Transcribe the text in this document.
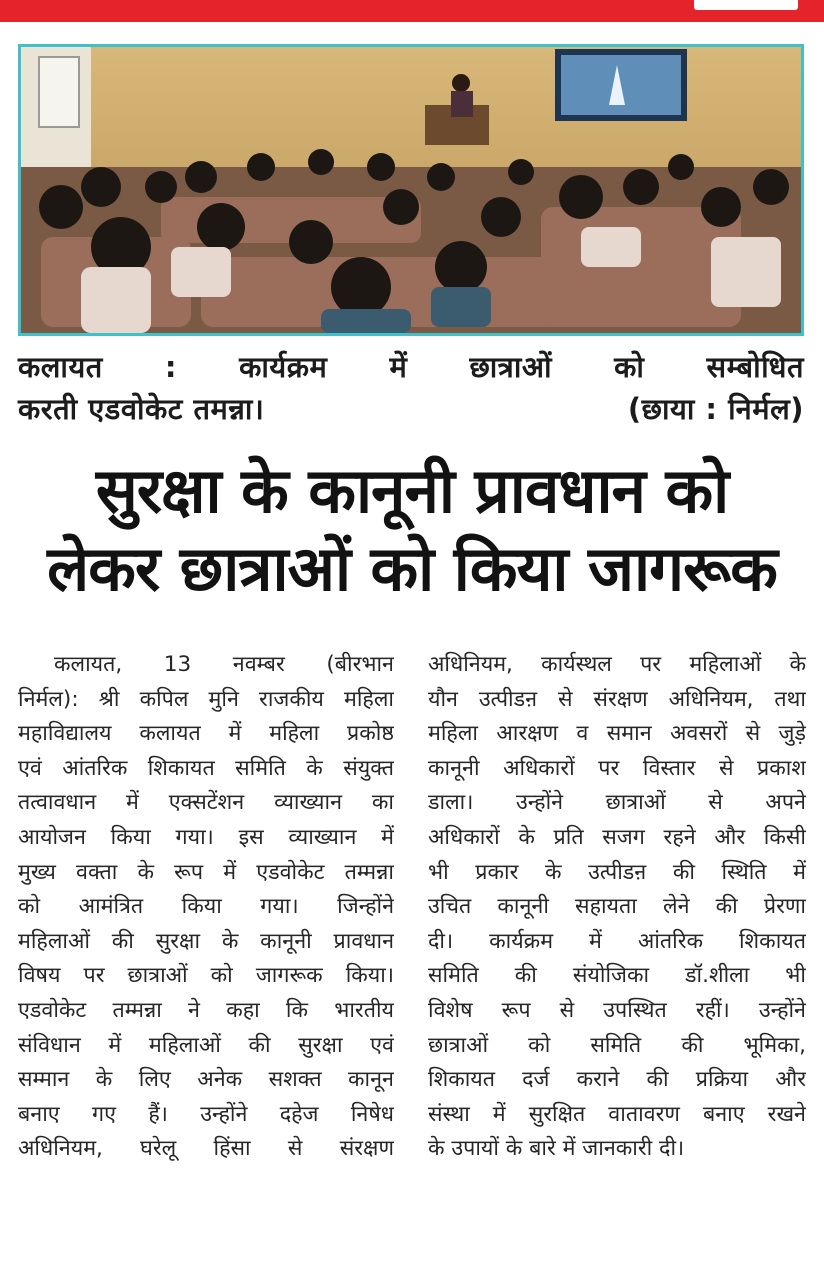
कलायत : कार्यक्रम में छात्राओं को सम्बोधित
करती एडवोकेट तमन्ना।	(छाया : निर्मल)
सुरक्षा के कानूनी प्रावधान को
लेकर छात्राओं को किया जागरूक
कलायत, 13 नवम्बर (बीरभान
निर्मल): श्री कपिल मुनि राजकीय महिला
महाविद्यालय कलायत में महिला प्रकोष्ठ
एवं आंतरिक शिकायत समिति के संयुक्त
तत्वावधान में एक्सटेंशन व्याख्यान का
आयोजन किया गया। इस व्याख्यान में
मुख्य वक्ता के रूप में एडवोकेट तम्मन्ना
को आमंत्रित किया गया। जिन्होंने
महिलाओं की सुरक्षा के कानूनी प्रावधान
विषय पर छात्राओं को जागरूक किया।
एडवोकेट तम्मन्ना ने कहा कि भारतीय
संविधान में महिलाओं की सुरक्षा एवं
सम्मान के लिए अनेक सशक्त कानून
बनाए गए हैं। उन्होंने दहेज निषेध
अधिनियम, घरेलू हिंसा से संरक्षण
अधिनियम, कार्यस्थल पर महिलाओं के
यौन उत्पीडऩ से संरक्षण अधिनियम, तथा
महिला आरक्षण व समान अवसरों से जुड़े
कानूनी अधिकारों पर विस्तार से प्रकाश
डाला। उन्होंने छात्राओं से अपने
अधिकारों के प्रति सजग रहने और किसी
भी प्रकार के उत्पीडऩ की स्थिति में
उचित कानूनी सहायता लेने की प्रेरणा
दी। कार्यक्रम में आंतरिक शिकायत
समिति की संयोजिका डॉ.शीला भी
विशेष रूप से उपस्थित रहीं। उन्होंने
छात्राओं को समिति की भूमिका,
शिकायत दर्ज कराने की प्रक्रिया और
संस्था में सुरक्षित वातावरण बनाए रखने
के उपायों के बारे में जानकारी दी।
